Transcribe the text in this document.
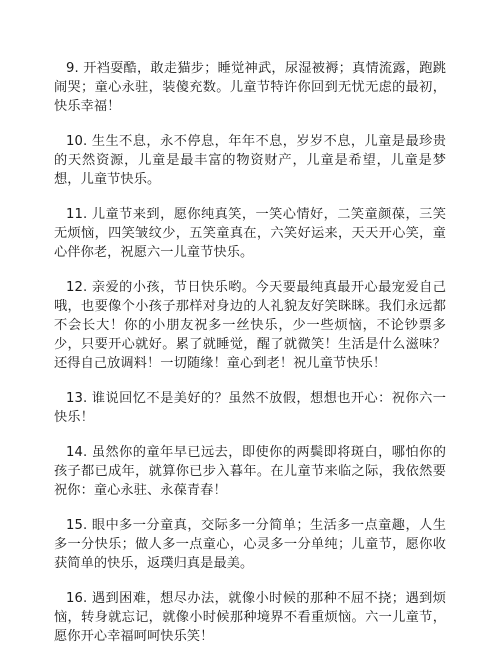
9. 开裆耍酷，敢走猫步；睡觉神武，尿湿被褥；真情流露，跑跳闹哭；童心永驻，装傻充数。儿童节特许你回到无忧无虑的最初，快乐幸福！

10. 生生不息，永不停息，年年不息，岁岁不息，儿童是最珍贵的天然资源，儿童是最丰富的物资财产，儿童是希望，儿童是梦想，儿童节快乐。

11. 儿童节来到，愿你纯真笑，一笑心情好，二笑童颜葆，三笑无烦恼，四笑皱纹少，五笑童真在，六笑好运来，天天开心笑，童心伴你老，祝愿六一儿童节快乐。

12. 亲爱的小孩，节日快乐哟。今天要最纯真最开心最宠爱自己哦，也要像个小孩子那样对身边的人礼貌友好笑眯眯。我们永远都不会长大！你的小朋友祝多一丝快乐，少一些烦恼，不论钞票多少，只要开心就好。累了就睡觉，醒了就微笑！生活是什么滋味？还得自己放调料！一切随缘！童心到老！祝儿童节快乐！

13. 谁说回忆不是美好的？虽然不放假，想想也开心：祝你六一快乐！

14. 虽然你的童年早已远去，即使你的两鬓即将斑白，哪怕你的孩子都已成年，就算你已步入暮年。在儿童节来临之际，我依然要祝你：童心永驻、永葆青春！

15. 眼中多一分童真，交际多一分简单；生活多一点童趣，人生多一分快乐；做人多一点童心，心灵多一分单纯；儿童节，愿你收获简单的快乐，返璞归真是最美。

16. 遇到困难，想尽办法，就像小时候的那种不屈不挠；遇到烦恼，转身就忘记，就像小时候那种境界不看重烦恼。六一儿童节，愿你开心幸福呵呵快乐笑！
